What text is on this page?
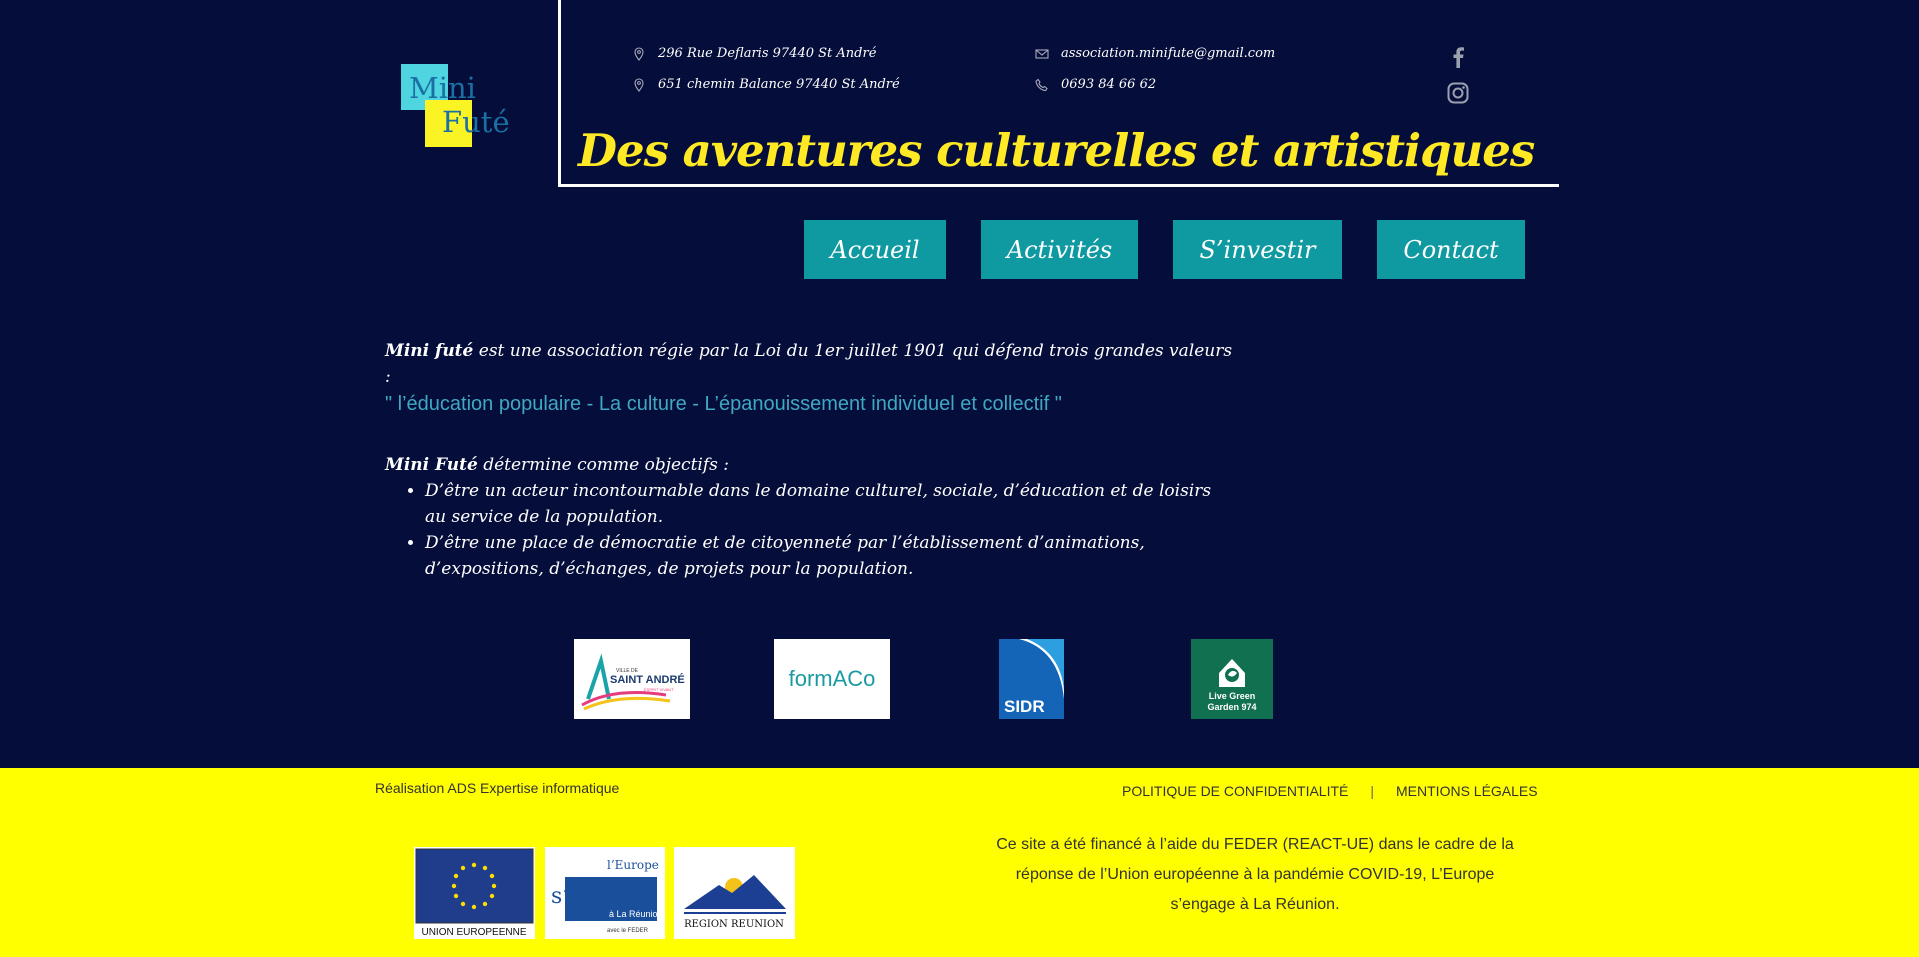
Mini
Futé
296 Rue Deflaris 97440 St André
651 chemin Balance 97440 St André
association.minifute@gmail.com
0693 84 66 62
Des aventures culturelles et artistiques
Accueil	Activités	S’investir	Contact

Mini futé est une association régie par la Loi du 1er juillet 1901 qui défend trois grandes valeurs :

" l’éducation populaire - La culture - L’épanouissement individuel et collectif "

Mini Futé détermine comme objectifs :

• D’être un acteur incontournable dans le domaine culturel, sociale, d’éducation et de loisirs au service de la population.
• D’être une place de démocratie et de citoyenneté par l’établissement d’animations, d’expositions, d’échanges, de projets pour la population.
VILLE DE
SAINT ANDRÉ
ESPRIT VIVANT	formACo
SIDR
Live Green
Garden 974
Réalisation ADS Expertise informatique	POLITIQUE DE CONFIDENTIALITÉ | MENTIONS LÉGALES
UNION EUROPEENNE
l’Europe
s’engage
à La Réunion
avec le FEDER
REGION REUNION
Ce site a été financé à l’aide du FEDER (REACT-UE) dans le cadre de la réponse de l’Union européenne à la pandémie COVID-19, L’Europe s’engage à La Réunion.
